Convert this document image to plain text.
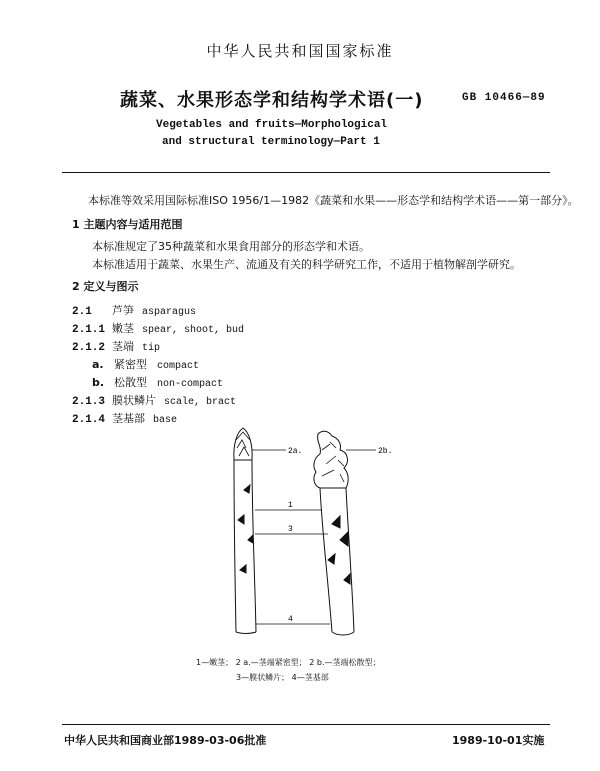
中华人民共和国国家标准
蔬菜、水果形态学和结构学术语(一)	GB 10466—89
Vegetables and fruits—Morphological
and structural terminology—Part 1
本标准等效采用国际标准ISO 1956/1—1982《蔬菜和水果——形态学和结构学术语——第一部分》。
1 主题内容与适用范围
本标准规定了35种蔬菜和水果食用部分的形态学和术语。
本标准适用于蔬菜、水果生产、流通及有关的科学研究工作，不适用于植物解剖学研究。
2 定义与图示
2.1 芦笋 asparagus
2.1.1 嫩茎 spear, shoot, bud
2.1.2 茎端 tip
a. 紧密型 compact
b. 松散型 non-compact
2.1.3 膜状鳞片 scale, bract
2.1.4 茎基部 base
2a.	2b.
1
3
4
1—嫩茎； 2 a.—茎端紧密型； 2 b.—茎端松散型；
3—膜状鳞片； 4—茎基部
中华人民共和国商业部1989-03-06批准	1989-10-01实施
